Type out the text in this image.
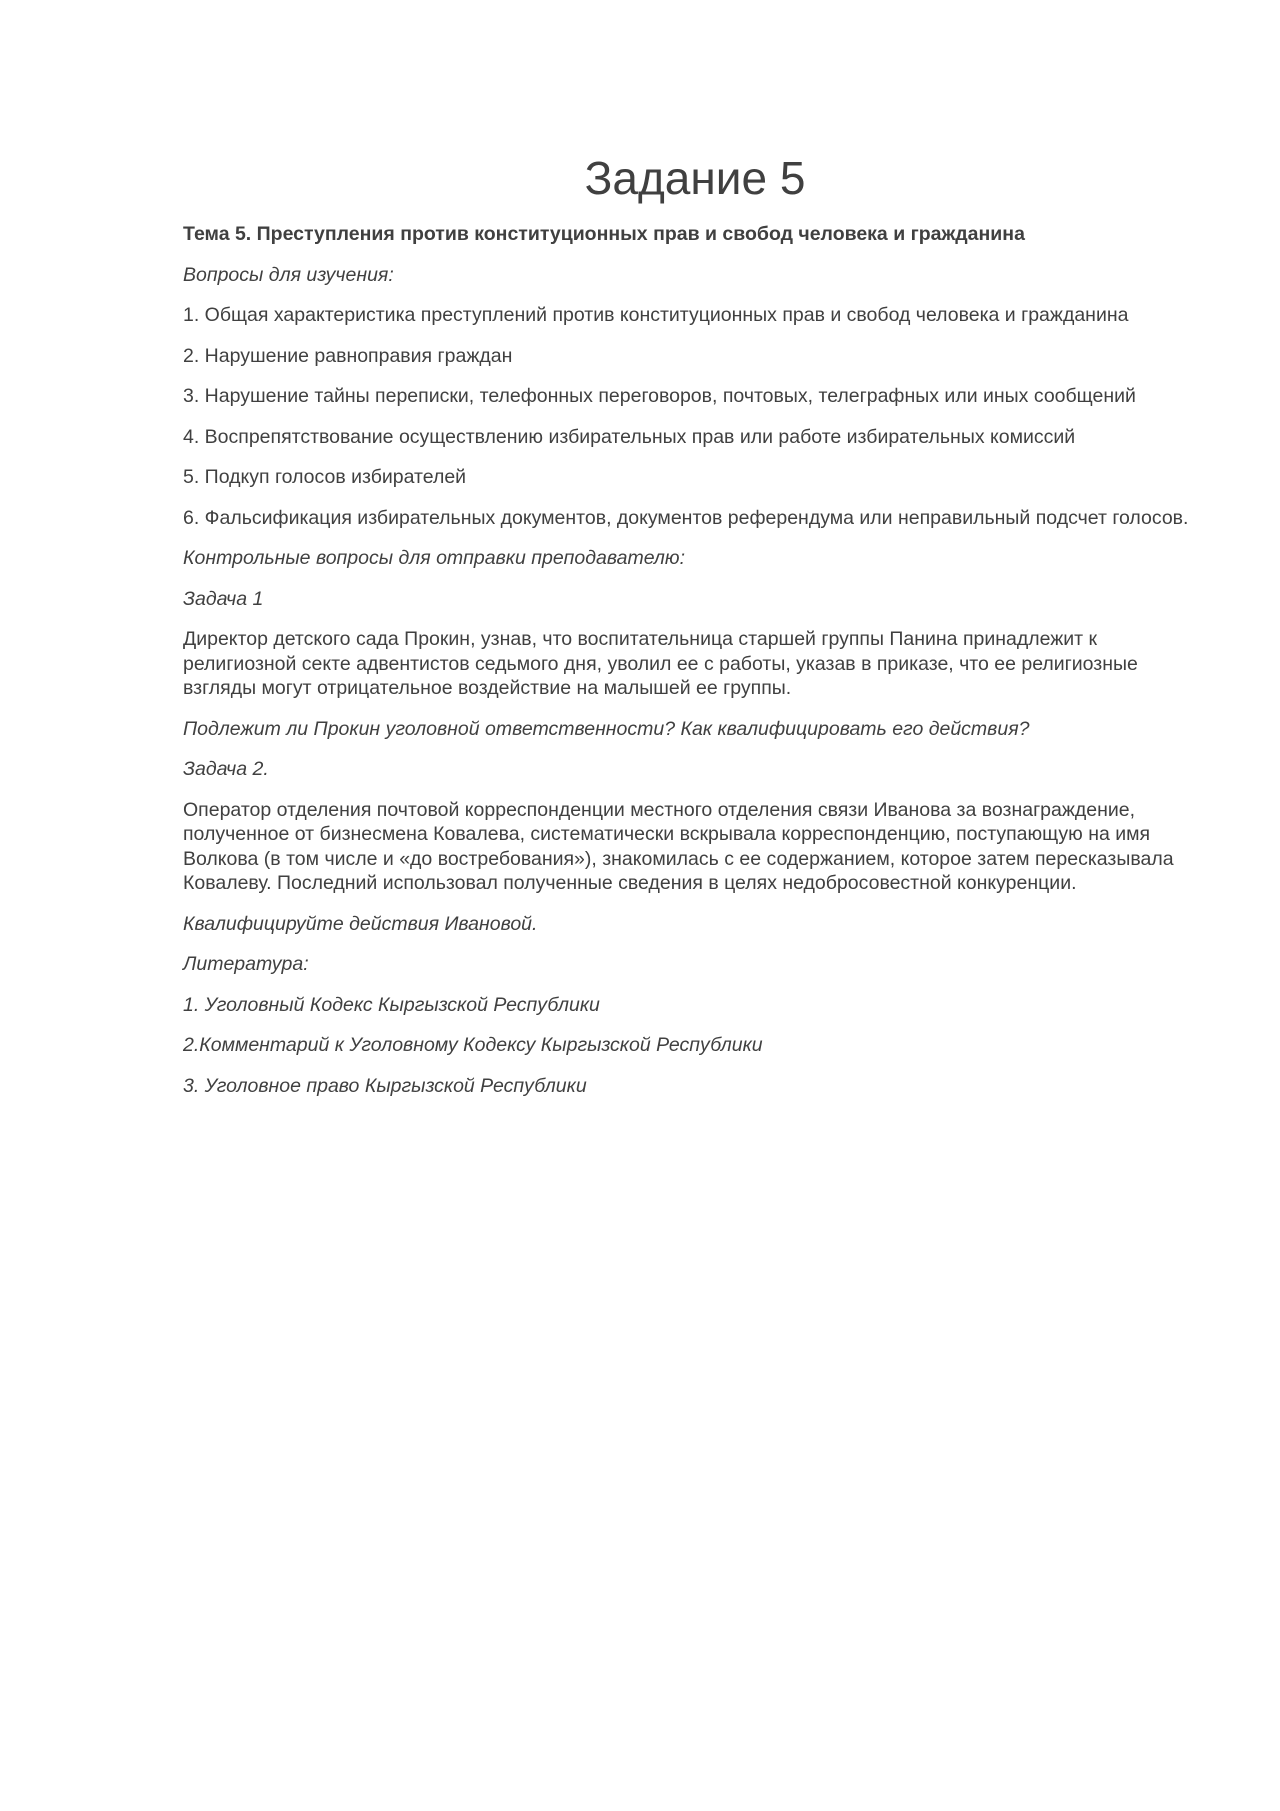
Задание 5

Тема 5. Преступления против конституционных прав и свобод человека и гражданина

Вопросы для изучения:

1. Общая характеристика преступлений против конституционных прав и свобод человека и гражданина

2. Нарушение равноправия граждан

3. Нарушение тайны переписки, телефонных переговоров, почтовых, телеграфных или иных сообщений

4. Воспрепятствование осуществлению избирательных прав или работе избирательных комиссий

5. Подкуп голосов избирателей

6. Фальсификация избирательных документов, документов референдума или неправильный подсчет голосов.

Контрольные вопросы для отправки преподавателю:

Задача 1

Директор детского сада Прокин, узнав, что воспитательница старшей группы Панина принадлежит к религиозной секте адвентистов седьмого дня, уволил ее с работы, указав в приказе, что ее религиозные взгляды могут отрицательное воздействие на малышей ее группы.

Подлежит ли Прокин уголовной ответственности? Как квалифицировать его действия?

Задача 2.

Оператор отделения почтовой корреспонденции местного отделения связи Иванова за вознаграждение, полученное от бизнесмена Ковалева, систематически вскрывала корреспонденцию, поступающую на имя Волкова (в том числе и «до востребования»), знакомилась с ее содержанием, которое затем пересказывала Ковалеву. Последний использовал полученные сведения в целях недобросовестной конкуренции.

Квалифицируйте действия Ивановой.

Литература:

1. Уголовный Кодекс Кыргызской Республики

2.Комментарий к Уголовному Кодексу Кыргызской Республики

3. Уголовное право Кыргызской Республики
